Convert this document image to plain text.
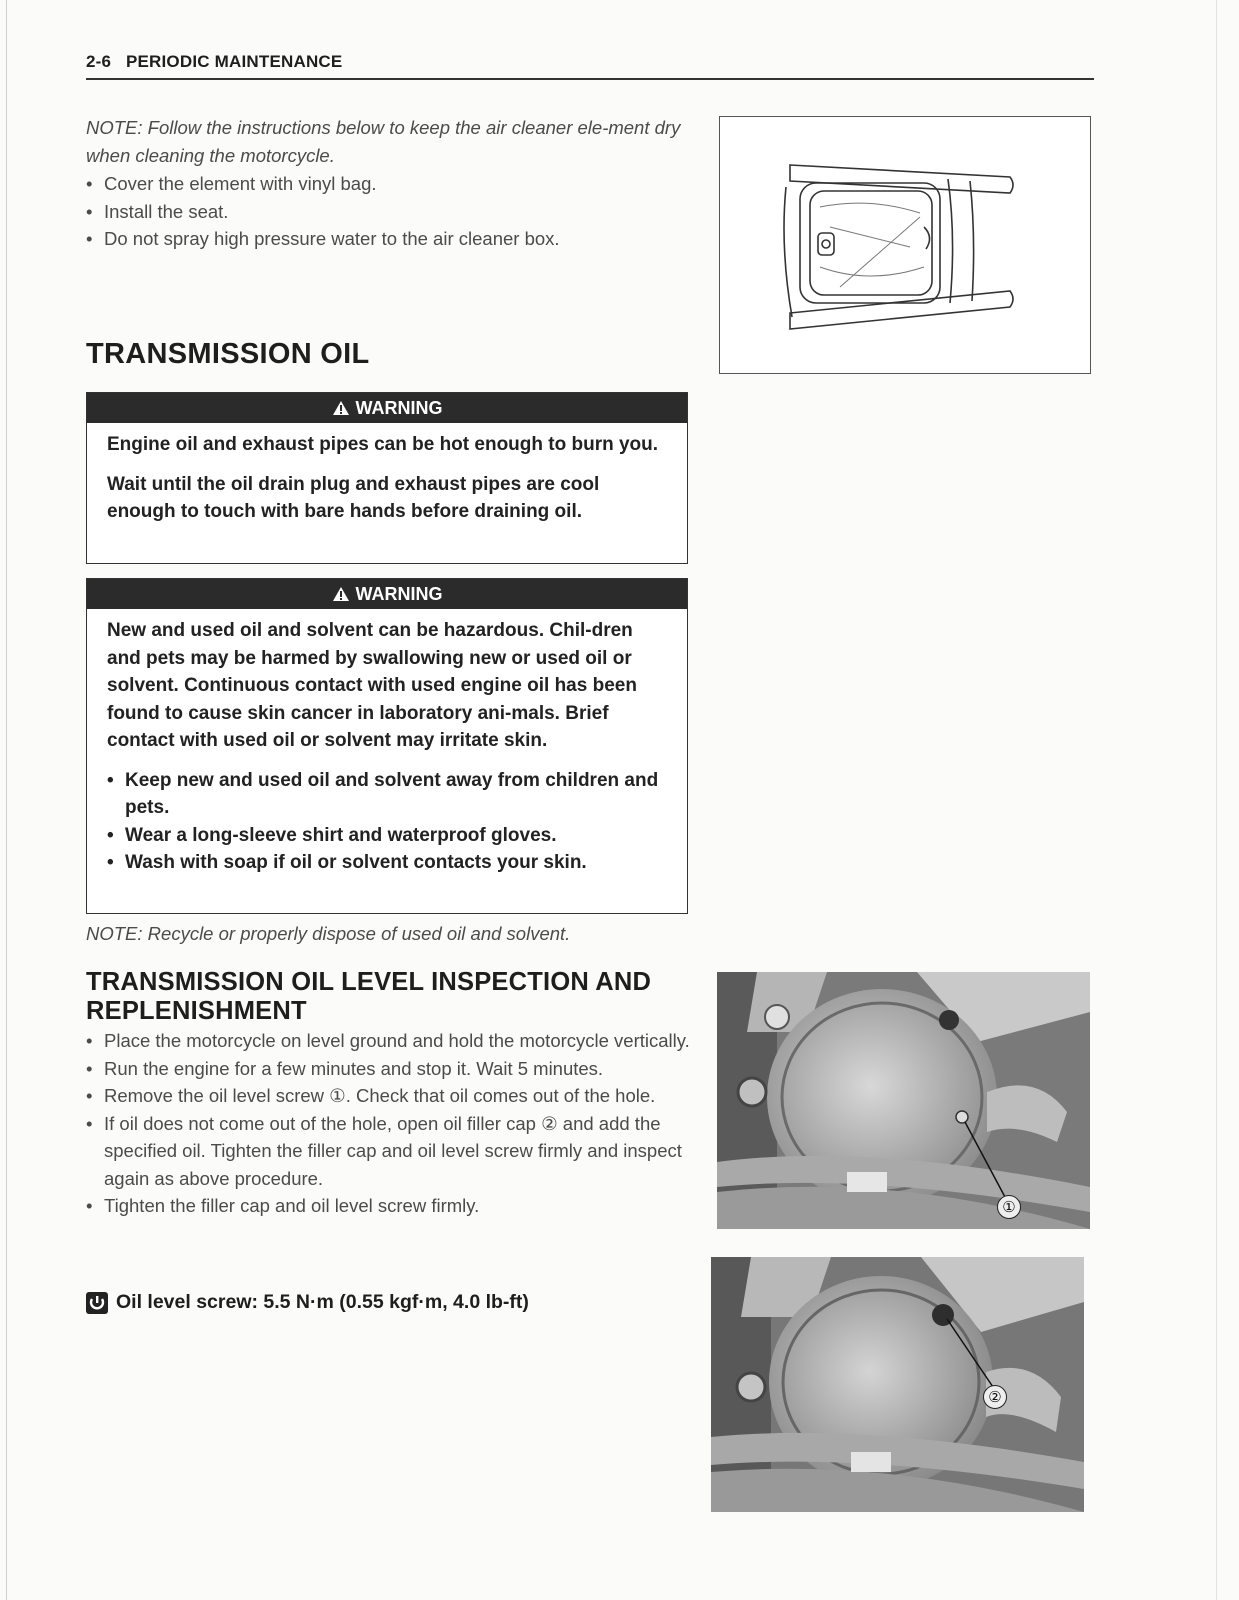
2-6   PERIODIC MAINTENANCE
NOTE: Follow the instructions below to keep the air cleaner ele-ment dry when cleaning the motorcycle.
• Cover the element with vinyl bag.
• Install the seat.
• Do not spray high pressure water to the air cleaner box.
TRANSMISSION OIL
WARNING

Engine oil and exhaust pipes can be hot enough to burn you.

Wait until the oil drain plug and exhaust pipes are cool enough to touch with bare hands before draining oil.

WARNING

New and used oil and solvent can be hazardous. Chil-dren and pets may be harmed by swallowing new or used oil or solvent. Continuous contact with used engine oil has been found to cause skin cancer in laboratory ani-mals. Brief contact with used oil or solvent may irritate skin.

• Keep new and used oil and solvent away from children and pets.
• Wear a long-sleeve shirt and waterproof gloves.
• Wash with soap if oil or solvent contacts your skin.
NOTE: Recycle or properly dispose of used oil and solvent.
TRANSMISSION OIL LEVEL INSPECTION AND REPLENISHMENT
• Place the motorcycle on level ground and hold the motorcycle vertically.
• Run the engine for a few minutes and stop it. Wait 5 minutes.
• Remove the oil level screw ①. Check that oil comes out of the hole.
• If oil does not come out of the hole, open oil filler cap ② and add the specified oil. Tighten the filler cap and oil level screw firmly and inspect again as above procedure.
• Tighten the filler cap and oil level screw firmly.
Oil level screw: 5.5 N·m (0.55 kgf·m, 4.0 lb-ft)
①
②
